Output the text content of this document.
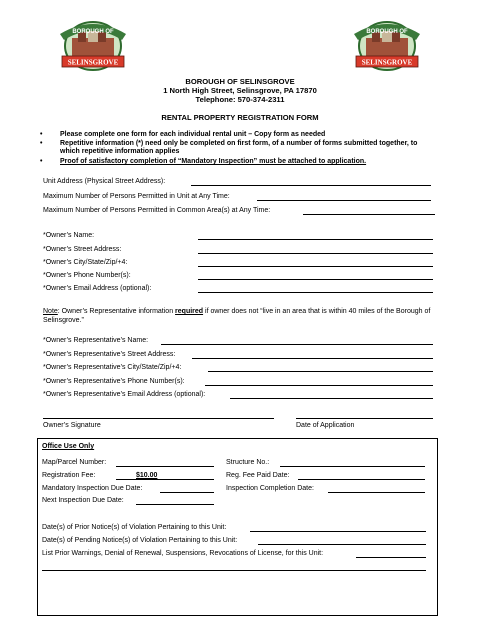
BOROUGH OF
SELINSGROVE
BOROUGH OF
SELINSGROVE
BOROUGH OF SELINSGROVE
1 North High Street, Selinsgrove, PA 17870
Telephone: 570-374-2311
RENTAL PROPERTY REGISTRATION FORM
•	Please complete one form for each individual rental unit – Copy form as needed
•	Repetitive information (*) need only be completed on first form, of a number of forms submitted together, to which repetitive information applies
•	Proof of satisfactory completion of “Mandatory Inspection” must be attached to application.
Unit Address (Physical Street Address):
Maximum Number of Persons Permitted in Unit at Any Time:
Maximum Number of Persons Permitted in Common Area(s) at Any Time:
*Owner’s Name:
*Owner’s Street Address:
*Owner’s City/State/Zip/+4:
*Owner’s Phone Number(s):
*Owner’s Email Address (optional):
Note: Owner’s Representative information required if owner does not “live in an area that is within 40 miles of the Borough of Selinsgrove.”
*Owner’s Representative’s Name:
*Owner’s Representative’s Street Address:
*Owner’s Representative’s City/State/Zip/+4:
*Owner’s Representative’s Phone Number(s):
*Owner’s Representative’s Email Address (optional):
Owner’s Signature	Date of Application
Office Use Only
Map/Parcel Number:	Structure No.:
Registration Fee:	$10.00	Reg. Fee Paid Date:
Mandatory Inspection Due Date:	Inspection Completion Date:
Next Inspection Due Date:
Date(s) of Prior Notice(s) of Violation Pertaining to this Unit:
Date(s) of Pending Notice(s) of Violation Pertaining to this Unit:
List Prior Warnings, Denial of Renewal, Suspensions, Revocations of License, for this Unit:
